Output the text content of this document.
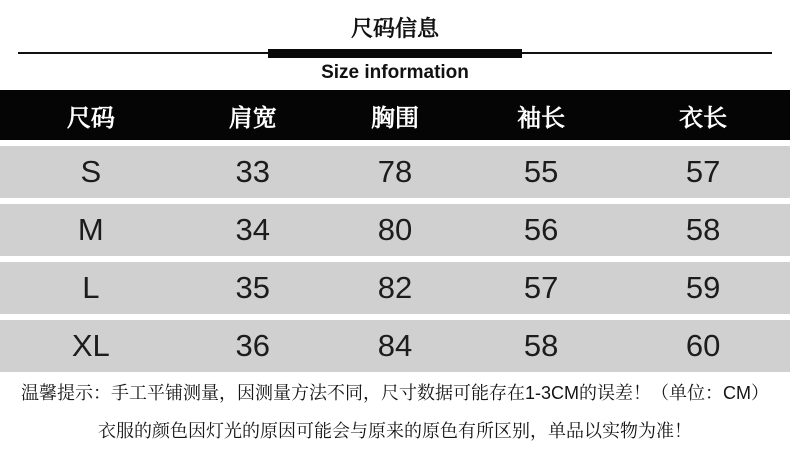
尺码信息
Size information
尺码	肩宽	胸围	袖长	衣长
S	33	78	55	57
M	34	80	56	58
L	35	82	57	59
XL	36	84	58	60
温馨提示：手工平铺测量，因测量方法不同，尺寸数据可能存在1-3CM的误差！（单位：CM）
衣服的颜色因灯光的原因可能会与原来的原色有所区别，单品以实物为准！
